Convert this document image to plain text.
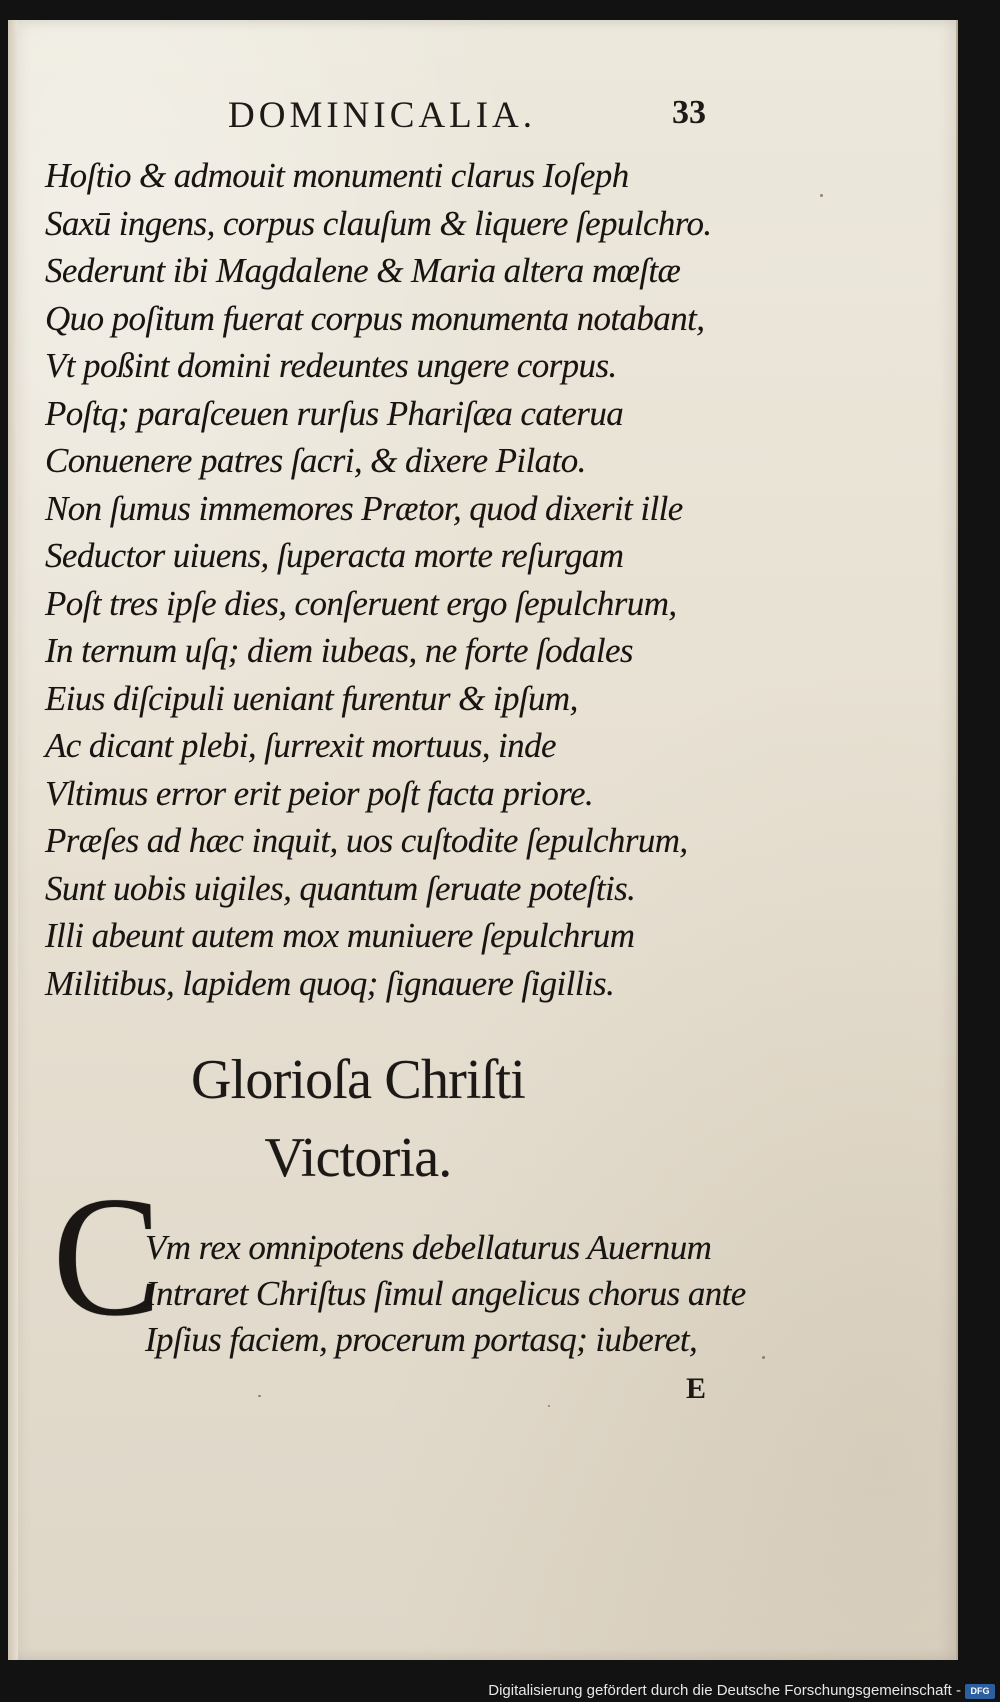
DOMINICALIA.	33
Hoſtio & admouit monumenti clarus Ioſeph
Saxū ingens, corpus clauſum & liquere ſepulchro.
Sederunt ibi Magdalene & Maria altera mœſtæ
Quo poſitum fuerat corpus monumenta notabant,
Vt poßint domini redeuntes ungere corpus.
Poſtq; paraſceuen rurſus Phariſæa caterua
Conuenere patres ſacri, & dixere Pilato.
Non ſumus immemores Prætor, quod dixerit ille
Seductor uiuens, ſuperacta morte reſurgam
Poſt tres ipſe dies, conſeruent ergo ſepulchrum,
In ternum uſq; diem iubeas, ne forte ſodales
Eius diſcipuli ueniant furentur & ipſum,
Ac dicant plebi, ſurrexit mortuus, inde
Vltimus error erit peior poſt facta priore.
Præſes ad hæc inquit, uos cuſtodite ſepulchrum,
Sunt uobis uigiles, quantum ſeruate poteſtis.
Illi abeunt autem mox muniuere ſepulchrum
Militibus, lapidem quoq; ſignauere ſigillis.
Glorioſa Chriſti
Victoria.
C
Vm rex omnipotens debellaturus Auernum
Intraret Chriſtus ſimul angelicus chorus ante
Ipſius faciem, procerum portasq; iuberet,
E
Digitalisierung gefördert durch die Deutsche Forschungsgemeinschaft -	DFG
